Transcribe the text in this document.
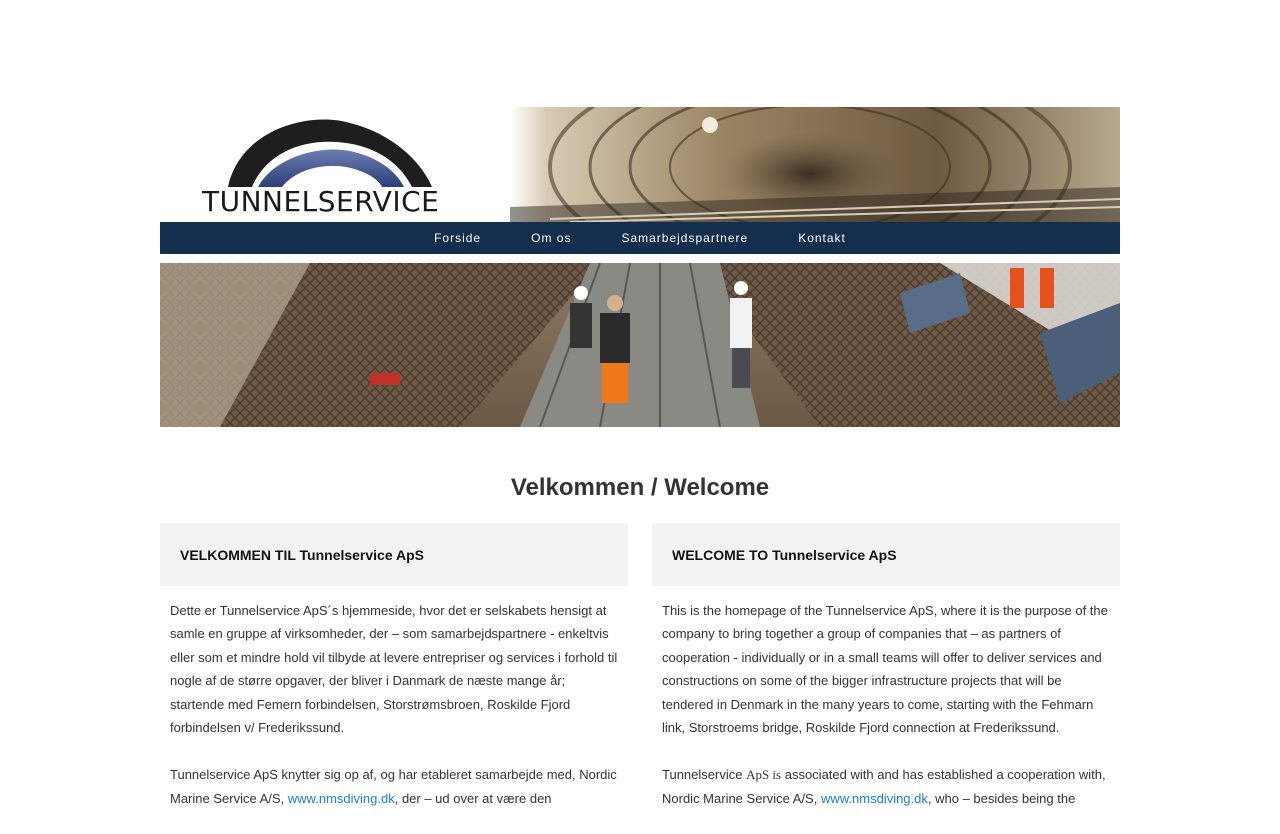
TUNNELSERVICE
Forside	Om os	Samarbejdspartnere	Kontakt
Velkommen / Welcome
VELKOMMEN TIL Tunnelservice ApS

Dette er Tunnelservice ApS´s hjemmeside, hvor det er selskabets hensigt at samle en gruppe af virksomheder, der – som samarbejdspartnere - enkeltvis eller som et mindre hold vil tilbyde at levere entrepriser og services i forhold til nogle af de større opgaver, der bliver i Danmark de næste mange år; startende med Femern forbindelsen, Storstrømsbroen, Roskilde Fjord forbindelsen v/ Frederikssund.

Tunnelservice ApS knytter sig op af, og har etableret samarbejde med, Nordic Marine Service A/S, www.nmsdiving.dk, der – ud over at være den

WELCOME TO Tunnelservice ApS

This is the homepage of the Tunnelservice ApS, where it is the purpose of the company to bring together a group of companies that – as partners of cooperation - individually or in a small teams will offer to deliver services and constructions on some of the bigger infrastructure projects that will be tendered in Denmark in the many years to come, starting with the Fehmarn link, Storstroems bridge, Roskilde Fjord connection at Frederikssund.

Tunnelservice ApS is associated with and has established a cooperation with, Nordic Marine Service A/S, www.nmsdiving.dk, who – besides being the
